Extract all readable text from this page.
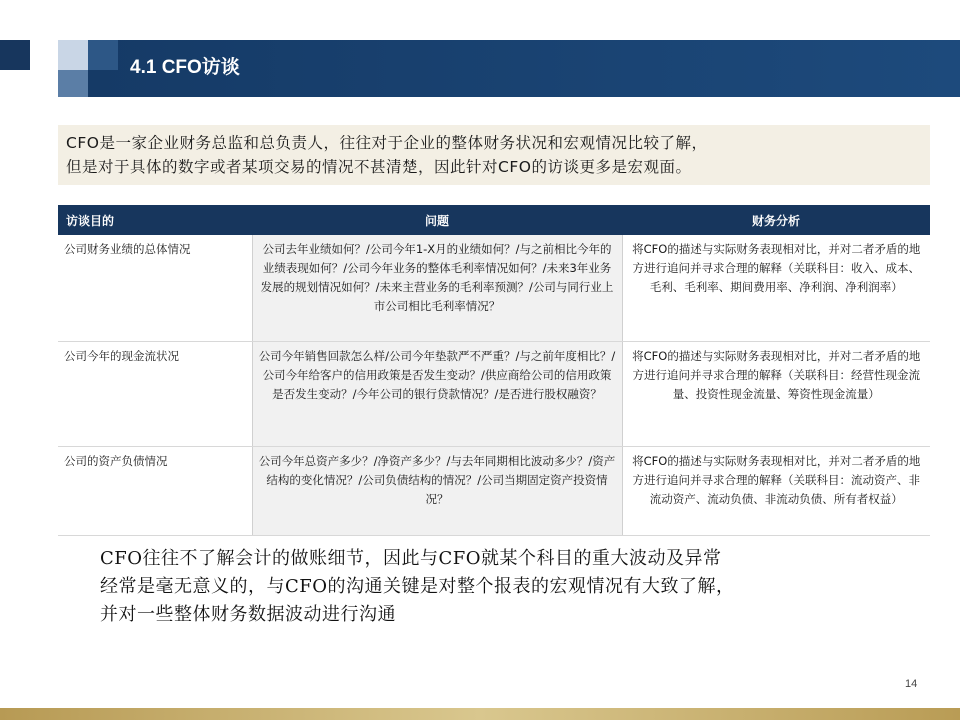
4.1 CFO访谈

CFO是一家企业财务总监和总负责人，往往对于企业的整体财务状况和宏观情况比较了解，

但是对于具体的数字或者某项交易的情况不甚清楚，因此针对CFO的访谈更多是宏观面。

访谈目的	问题	财务分析
公司财务业绩的总体情况	公司去年业绩如何？/公司今年1-X月的业绩如何？/与之前相比今年的业绩表现如何？/公司今年业务的整体毛利率情况如何？/未来3年业务发展的规划情况如何？/未来主营业务的毛利率预测？/公司与同行业上市公司相比毛利率情况？	将CFO的描述与实际财务表现相对比，并对二者矛盾的地方进行追问并寻求合理的解释（关联科目：收入、成本、毛利、毛利率、期间费用率、净利润、净利润率）
公司今年的现金流状况	公司今年销售回款怎么样/公司今年垫款严不严重？/与之前年度相比？/公司今年给客户的信用政策是否发生变动？/供应商给公司的信用政策是否发生变动？/今年公司的银行贷款情况？/是否进行股权融资？	将CFO的描述与实际财务表现相对比，并对二者矛盾的地方进行追问并寻求合理的解释（关联科目：经营性现金流量、投资性现金流量、筹资性现金流量）
公司的资产负债情况	公司今年总资产多少？/净资产多少？/与去年同期相比波动多少？/资产结构的变化情况？/公司负债结构的情况？/公司当期固定资产投资情况？	将CFO的描述与实际财务表现相对比，并对二者矛盾的地方进行追问并寻求合理的解释（关联科目：流动资产、非流动资产、流动负债、非流动负债、所有者权益）

CFO往往不了解会计的做账细节，因此与CFO就某个科目的重大波动及异常

经常是毫无意义的，与CFO的沟通关键是对整个报表的宏观情况有大致了解，

并对一些整体财务数据波动进行沟通

14
